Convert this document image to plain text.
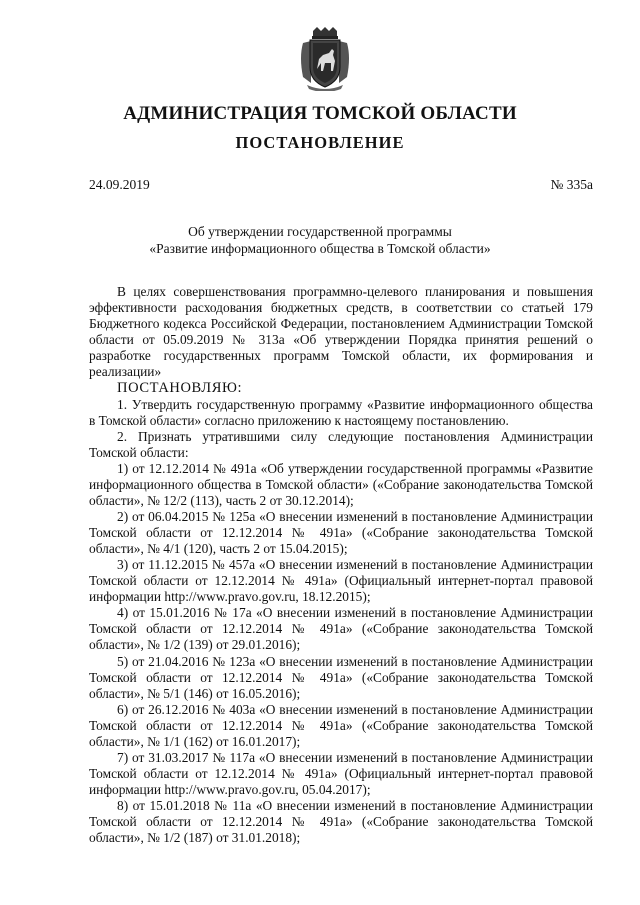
АДМИНИСТРАЦИЯ ТОМСКОЙ ОБЛАСТИ
ПОСТАНОВЛЕНИЕ
24.09.2019	№ 335а
Об утверждении государственной программы
«Развитие информационного общества в Томской области»

В целях совершенствования программно-целевого планирования и повышения эффективности расходования бюджетных средств, в соответствии со статьей 179 Бюджетного кодекса Российской Федерации, постановлением Администрации Томской области от 05.09.2019 № 313а «Об утверждении Порядка принятия решений о разработке государственных программ Томской области, их формирования и реализации»

ПОСТАНОВЛЯЮ:

1. Утвердить государственную программу «Развитие информационного общества в Томской области» согласно приложению к настоящему постановлению.

2. Признать утратившими силу следующие постановления Администрации Томской области:

1) от 12.12.2014 № 491а «Об утверждении государственной программы «Развитие информационного общества в Томской области» («Собрание законодательства Томской области», № 12/2 (113), часть 2 от 30.12.2014);

2) от 06.04.2015 № 125а «О внесении изменений в постановление Администрации Томской области от 12.12.2014 № 491а» («Собрание законодательства Томской области», № 4/1 (120), часть 2 от 15.04.2015);

3) от 11.12.2015 № 457а «О внесении изменений в постановление Администрации Томской области от 12.12.2014 № 491а» (Официальный интернет-портал правовой информации http://www.pravo.gov.ru, 18.12.2015);

4) от 15.01.2016 № 17а «О внесении изменений в постановление Администрации Томской области от 12.12.2014 № 491а» («Собрание законодательства Томской области», № 1/2 (139) от 29.01.2016);

5) от 21.04.2016 № 123а «О внесении изменений в постановление Администрации Томской области от 12.12.2014 № 491а» («Собрание законодательства Томской области», № 5/1 (146) от 16.05.2016);

6) от 26.12.2016 № 403а «О внесении изменений в постановление Администрации Томской области от 12.12.2014 № 491а» («Собрание законодательства Томской области», № 1/1 (162) от 16.01.2017);

7) от 31.03.2017 № 117а «О внесении изменений в постановление Администрации Томской области от 12.12.2014 № 491а» (Официальный интернет-портал правовой информации http://www.pravo.gov.ru, 05.04.2017);

8) от 15.01.2018 № 11а «О внесении изменений в постановление Администрации Томской области от 12.12.2014 № 491а» («Собрание законодательства Томской области», № 1/2 (187) от 31.01.2018);
